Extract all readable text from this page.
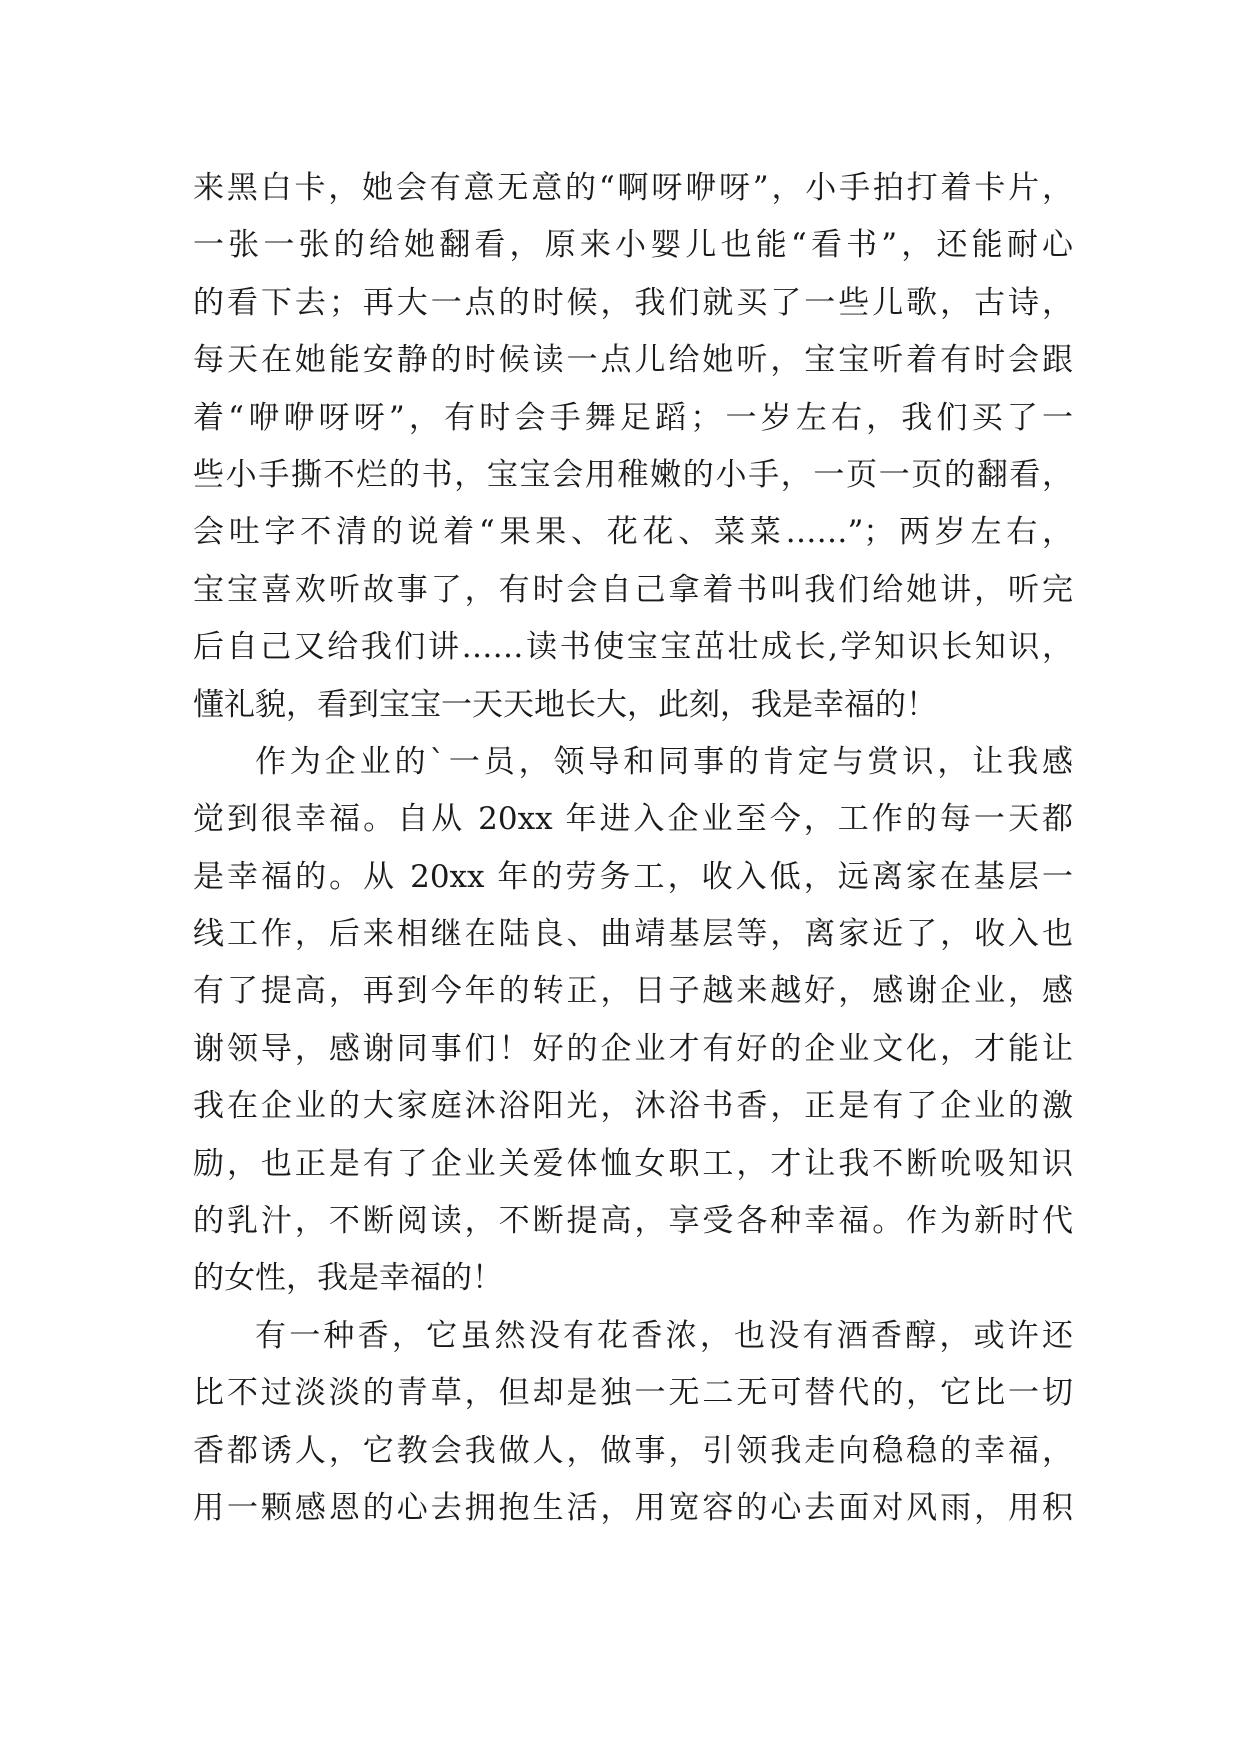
来黑白卡，她会有意无意的“啊呀咿呀”，小手拍打着卡片，
一张一张的给她翻看，原来小婴儿也能“看书”，还能耐心
的看下去；再大一点的时候，我们就买了一些儿歌，古诗，
每天在她能安静的时候读一点儿给她听，宝宝听着有时会跟
着“咿咿呀呀”，有时会手舞足蹈；一岁左右，我们买了一
些小手撕不烂的书，宝宝会用稚嫩的小手，一页一页的翻看，
会吐字不清的说着“果果、花花、菜菜……”；两岁左右，
宝宝喜欢听故事了，有时会自己拿着书叫我们给她讲，听完
后自己又给我们讲……读书使宝宝茁壮成长,学知识长知识，
懂礼貌，看到宝宝一天天地长大，此刻，我是幸福的！
作为企业的`一员，领导和同事的肯定与赏识，让我感
觉到很幸福。自从 20xx 年进入企业至今，工作的每一天都
是幸福的。从 20xx 年的劳务工，收入低，远离家在基层一
线工作，后来相继在陆良、曲靖基层等，离家近了，收入也
有了提高，再到今年的转正，日子越来越好，感谢企业，感
谢领导，感谢同事们！好的企业才有好的企业文化，才能让
我在企业的大家庭沐浴阳光，沐浴书香，正是有了企业的激
励，也正是有了企业关爱体恤女职工，才让我不断吮吸知识
的乳汁，不断阅读，不断提高，享受各种幸福。作为新时代
的女性，我是幸福的！
有一种香，它虽然没有花香浓，也没有酒香醇，或许还
比不过淡淡的青草，但却是独一无二无可替代的，它比一切
香都诱人，它教会我做人，做事，引领我走向稳稳的幸福，
用一颗感恩的心去拥抱生活，用宽容的心去面对风雨，用积
